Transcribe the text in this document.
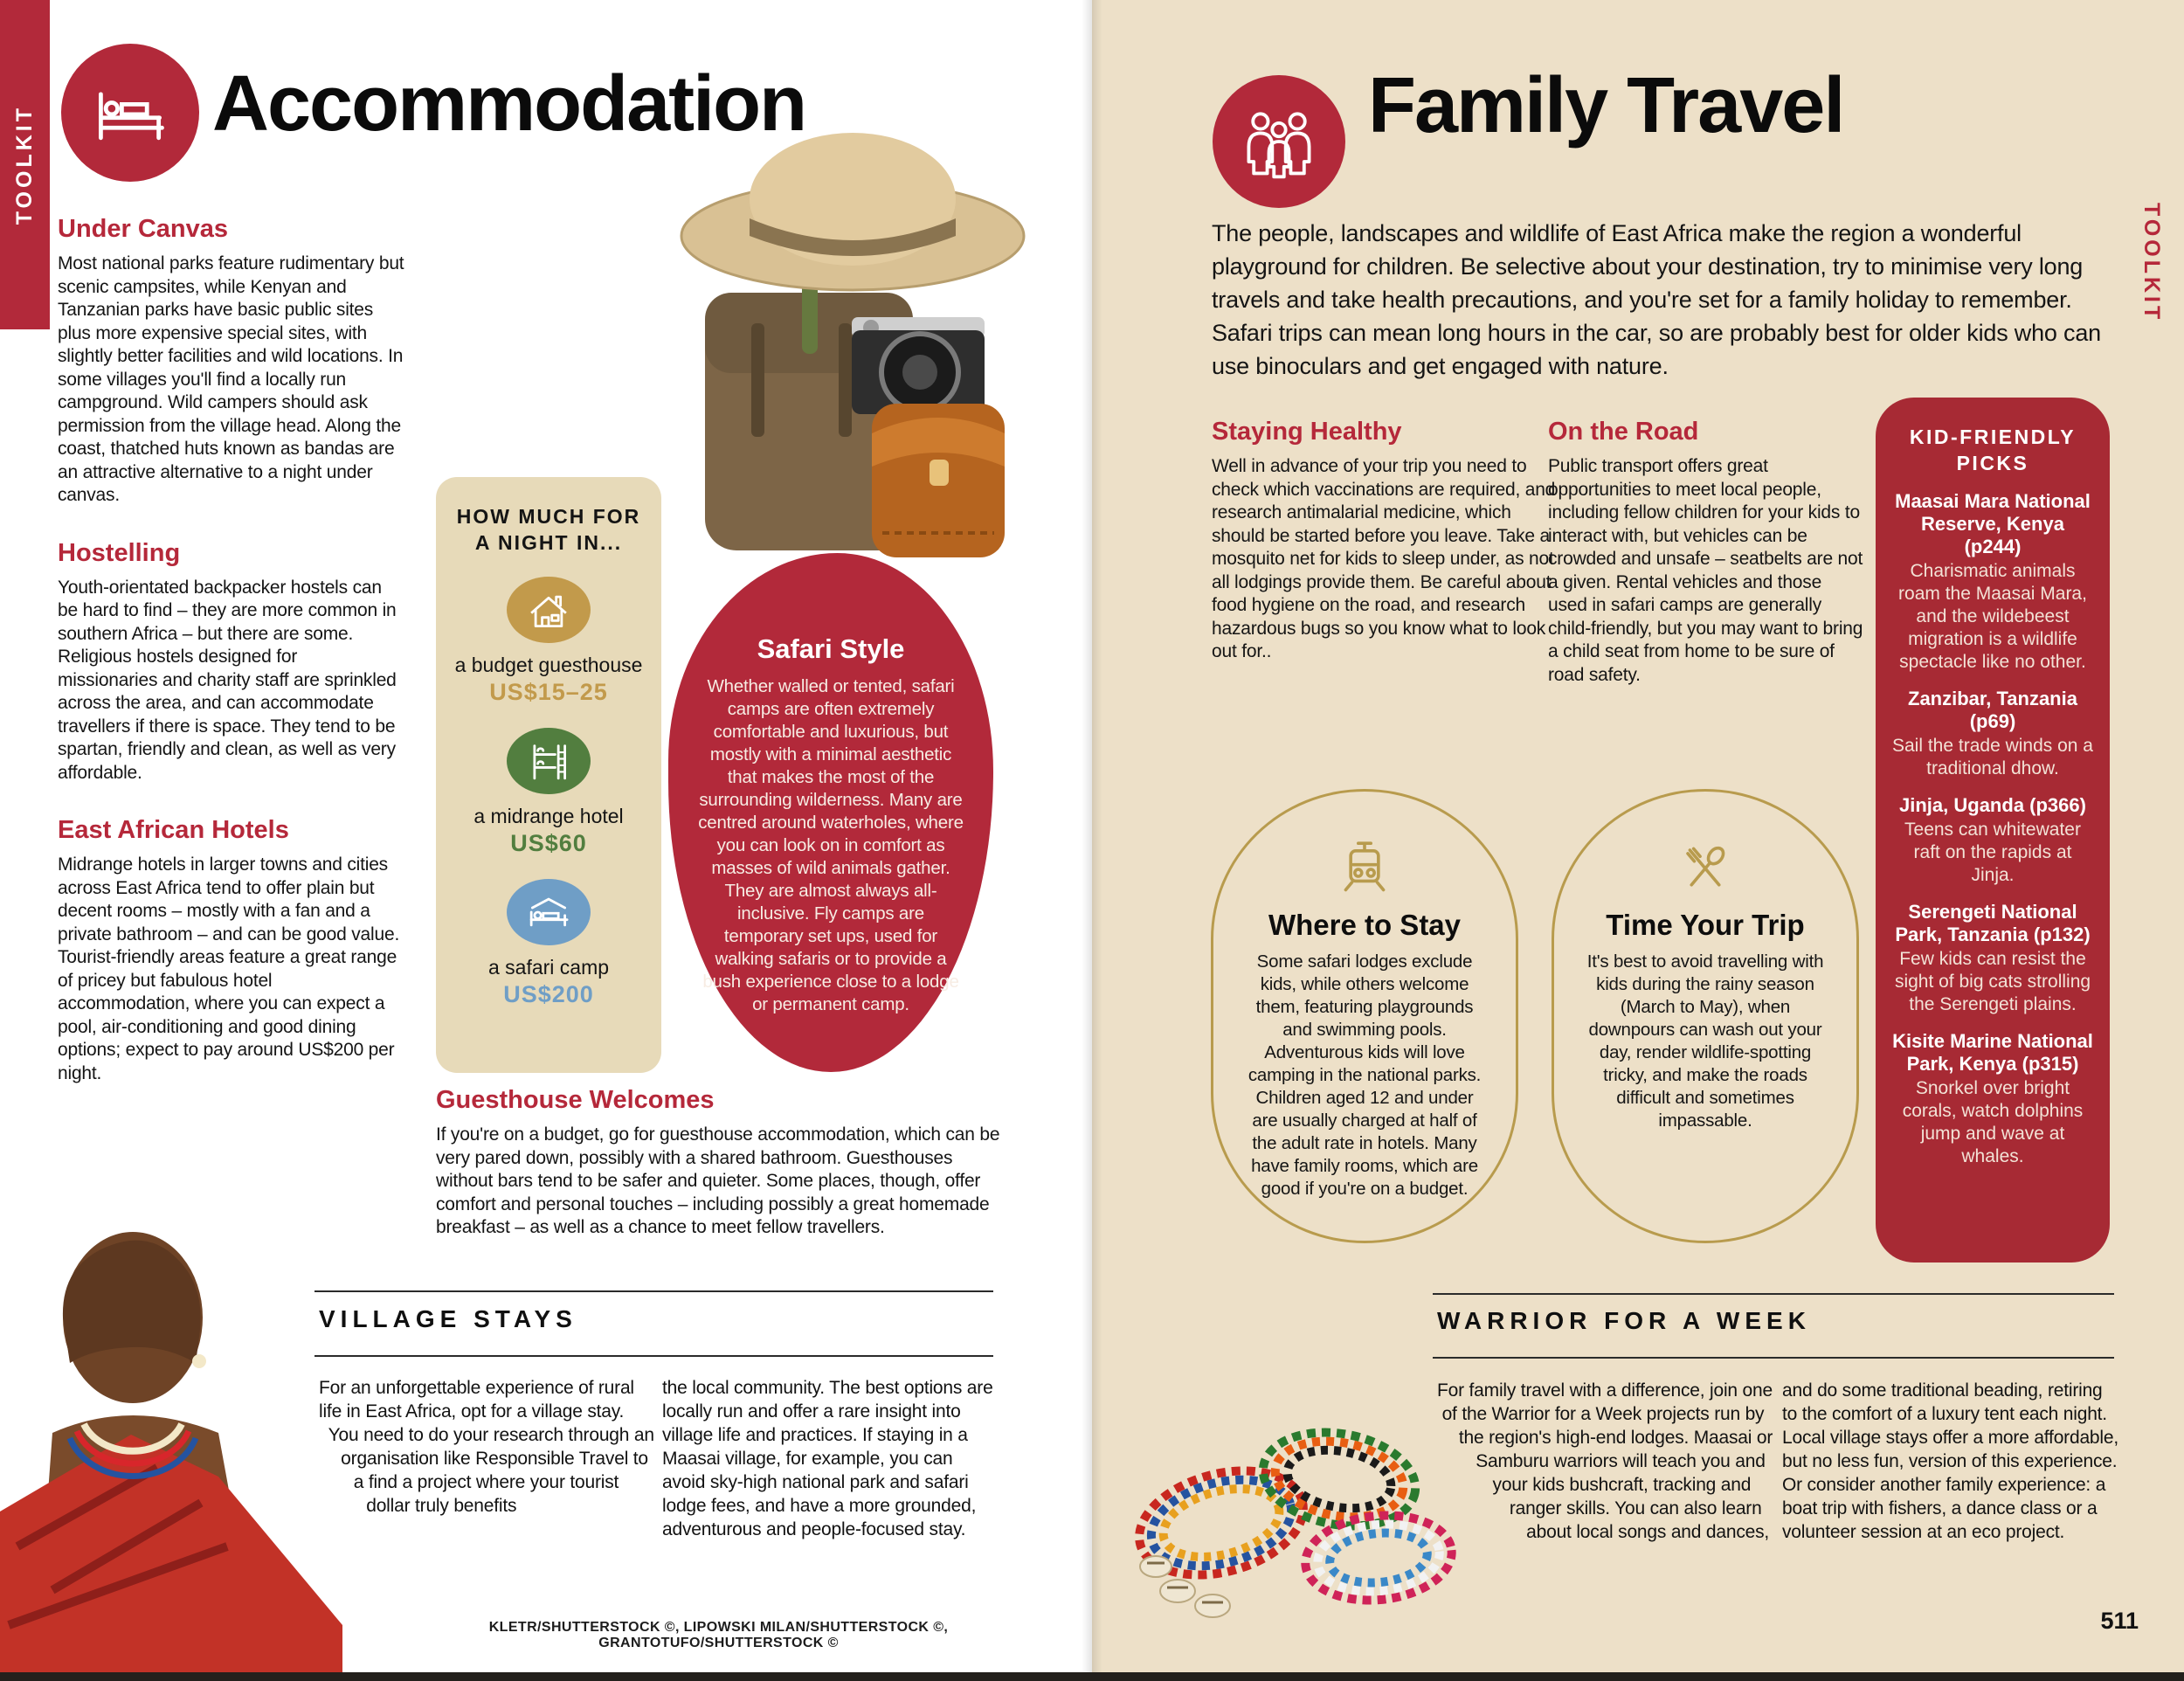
TOOLKIT
Accommodation

Under Canvas

Most national parks feature rudimentary but scenic campsites, while Kenyan and Tanzanian parks have basic public sites plus more expensive special sites, with slightly better facilities and wild locations. In some villages you'll find a locally run campground. Wild campers should ask permission from the village head. Along the coast, thatched huts known as bandas are an attractive alternative to a night under canvas.

Hostelling

Youth-orientated backpacker hostels can be hard to find – they are more common in southern Africa – but there are some. Religious hostels designed for missionaries and charity staff are sprinkled across the area, and can accommodate travellers if there is space. They tend to be spartan, friendly and clean, as well as very affordable.

East African Hotels

Midrange hotels in larger towns and cities across East Africa tend to offer plain but decent rooms – mostly with a fan and a private bathroom – and can be good value. Tourist-friendly areas feature a great range of pricey but fabulous hotel accommodation, where you can expect a pool, air-conditioning and good dining options; expect to pay around US$200 per night.

HOW MUCH FOR A NIGHT IN...

a budget guesthouse
US$15–25
a midrange hotel
US$60
a safari camp
US$200

Safari Style

Whether walled or tented, safari camps are often extremely comfortable and luxurious, but mostly with a minimal aesthetic that makes the most of the surrounding wilderness. Many are centred around waterholes, where you can look on in comfort as masses of wild animals gather. They are almost always all-inclusive. Fly camps are temporary set ups, used for walking safaris or to provide a bush experience close to a lodge or permanent camp.

Guesthouse Welcomes

If you're on a budget, go for guesthouse accommodation, which can be very pared down, possibly with a shared bathroom. Guesthouses without bars tend to be safer and quieter. Some places, though, offer comfort and personal touches – including possibly a great homemade breakfast – as well as a chance to meet fellow travellers.

VILLAGE STAYS
For an unforgettable experience of rural life in East Africa, opt for a village stay. You need to do your research through an organisation like Responsible Travel to a find a project where your tourist dollar truly benefits
the local community. The best options are locally run and offer a rare insight into village life and practices. If staying in a Maasai village, for example, you can avoid sky-high national park and safari lodge fees, and have a more grounded, adventurous and people-focused stay.
KLETR/SHUTTERSTOCK ©, LIPOWSKI MILAN/SHUTTERSTOCK ©, GRANTOTUFO/SHUTTERSTOCK ©
TOOLKIT
Family Travel
The people, landscapes and wildlife of East Africa make the region a wonderful playground for children. Be selective about your destination, try to minimise very long travels and take health precautions, and you're set for a family holiday to remember. Safari trips can mean long hours in the car, so are probably best for older kids who can use binoculars and get engaged with nature.

Staying Healthy

Well in advance of your trip you need to check which vaccinations are required, and research antimalarial medicine, which should be started before you leave. Take a mosquito net for kids to sleep under, as not all lodgings provide them. Be careful about food hygiene on the road, and research hazardous bugs so you know what to look out for..

On the Road

Public transport offers great opportunities to meet local people, including fellow children for your kids to interact with, but vehicles can be crowded and unsafe – seatbelts are not a given. Rental vehicles and those used in safari camps are generally child-friendly, but you may want to bring a child seat from home to be sure of road safety.

KID-FRIENDLY PICKS

Maasai Mara National Reserve, Kenya (p244)

Charismatic animals roam the Maasai Mara, and the wildebeest migration is a wildlife spectacle like no other.

Zanzibar, Tanzania (p69)

Sail the trade winds on a traditional dhow.

Jinja, Uganda (p366)

Teens can whitewater raft on the rapids at Jinja.

Serengeti National Park, Tanzania (p132)

Few kids can resist the sight of big cats strolling the Serengeti plains.

Kisite Marine National Park, Kenya (p315)

Snorkel over bright corals, watch dolphins jump and wave at whales.

Where to Stay

Some safari lodges exclude kids, while others welcome them, featuring playgrounds and swimming pools. Adventurous kids will love camping in the national parks. Children aged 12 and under are usually charged at half of the adult rate in hotels. Many have family rooms, which are good if you're on a budget.

Time Your Trip

It's best to avoid travelling with kids during the rainy season (March to May), when downpours can wash out your day, render wildlife-spotting tricky, and make the roads difficult and sometimes impassable.

WARRIOR FOR A WEEK
For family travel with a difference, join one of the Warrior for a Week projects run by the region's high-end lodges. Maasai or Samburu warriors will teach you and your kids bushcraft, tracking and ranger skills. You can also learn about local songs and dances,
and do some traditional beading, retiring to the comfort of a luxury tent each night. Local village stays offer a more affordable, but no less fun, version of this experience. Or consider another family experience: a boat trip with fishers, a dance class or a volunteer session at an eco project.
511
